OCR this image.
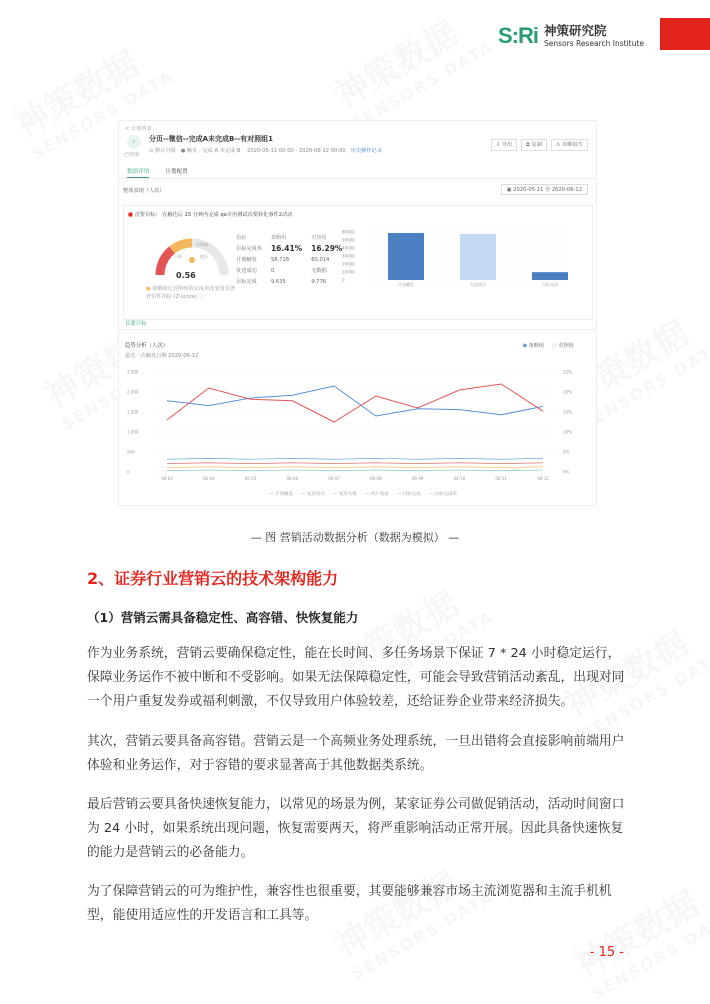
S:Ri 神策研究院
Sensors Research Institute
< 计划列表
✓
已结束
分页--微信--完成A未完成B--有对照组1
⊙ 默认分组   ● 触发 - 完成 A 未完成 B 2020-05-11 00:00 - 2020-06-12 00:00 历史操作记录
⇩ 导出	⧉ 复制	⚠ 诊断报告
数据详情	计划配置
整体表现（人次）	▣ 2020-05-11 至 2020-06-12
■ 首要目标： 在触达后 15 分钟内完成 qa专用测试次要转化事件2动动
无影响
下降	提升
0.56
● 策略组比对照组的完成率改变量显著
置信性指标 (Z-score) ⓘ
指标	策略组	对照组
目标完成率	16.41%	16.29%
计划触发	58,728	60,014
发送成功	0	无数据
目标完成	9,635	9,776
60000
50000
40000
30000
20000
10000
0
计划触发	发送成功	目标完成
首要目标
趋势分析（人次）
最近一次触发日期 2020-06-12
◉ 策略组	○ 对照组
2,500	25%
2,000	20%
1,500	15%
1,000	10%
500	5%
0	0%
06-03	06-04	06-05	06-06	06-07	06-08	06-09	06-10	06-11	06-12
— 计划触发 — 发送成功 — 发送失败 — 用户查看 — 目标完成 — 目标完成率
— 图 营销活动数据分析（数据为模拟） —
2、证券行业营销云的技术架构能力
（1）营销云需具备稳定性、高容错、快恢复能力

作为业务系统，营销云要确保稳定性，能在长时间、多任务场景下保证 7 * 24 小时稳定运行，保障业务运作不被中断和不受影响。如果无法保障稳定性，可能会导致营销活动紊乱，出现对同一个用户重复发券或福利刺激，不仅导致用户体验较差，还给证券企业带来经济损失。

其次，营销云要具备高容错。营销云是一个高频业务处理系统，一旦出错将会直接影响前端用户体验和业务运作，对于容错的要求显著高于其他数据类系统。

最后营销云要具备快速恢复能力，以常见的场景为例，某家证券公司做促销活动，活动时间窗口为 24 小时，如果系统出现问题，恢复需要两天，将严重影响活动正常开展。因此具备快速恢复的能力是营销云的必备能力。

为了保障营销云的可为维护性，兼容性也很重要，其要能够兼容市场主流浏览器和主流手机机型，能使用适应性的开发语言和工具等。

- 15 -
